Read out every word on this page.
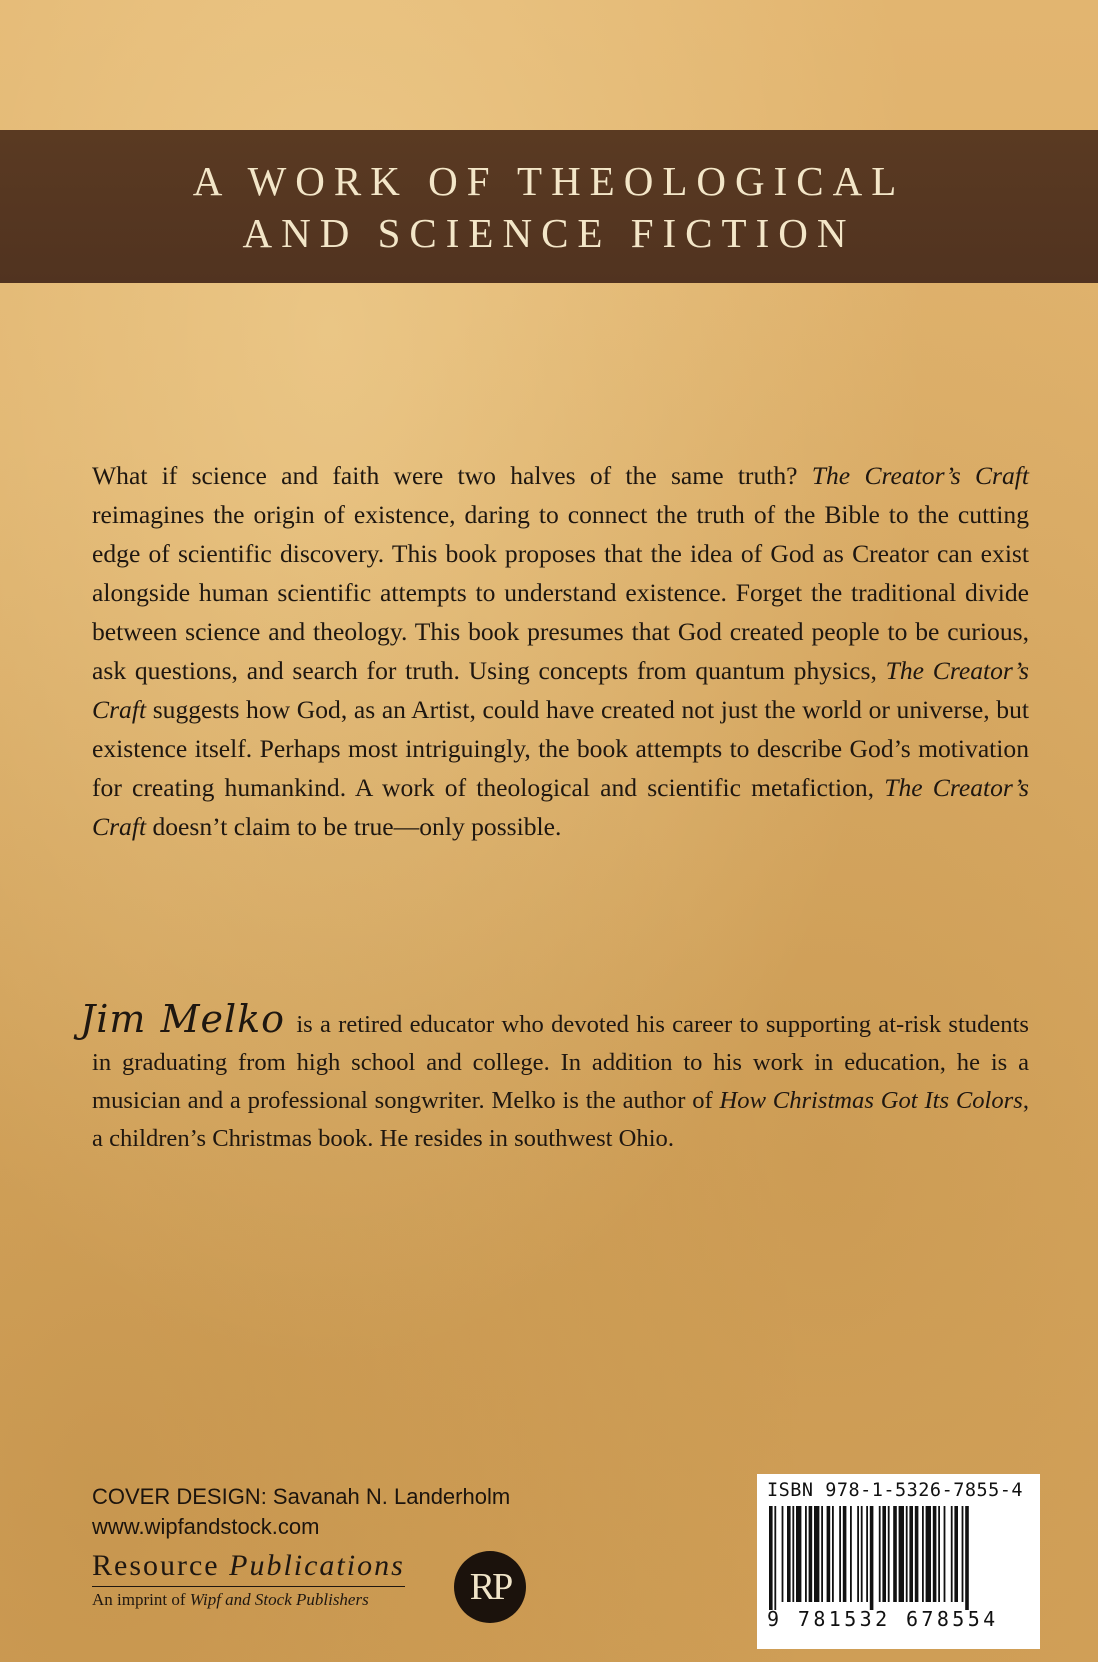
A WORK OF THEOLOGICAL
AND SCIENCE FICTION

What if science and faith were two halves of the same truth? The Creator’s Craft reimagines the origin of existence, daring to connect the truth of the Bible to the cutting edge of scientific discovery. This book proposes that the idea of God as Creator can exist alongside human scientific attempts to understand existence. Forget the traditional divide between science and theology. This book presumes that God created people to be curious, ask questions, and search for truth. Using concepts from quantum physics, The Creator’s Craft suggests how God, as an Artist, could have created not just the world or universe, but existence itself. Perhaps most intriguingly, the book attempts to describe God’s motivation for creating humankind. A work of theological and scientific metafiction, The Creator’s Craft doesn’t claim to be true—only possible.

Jim Melko is a retired educator who devoted his career to supporting at-risk students in graduating from high school and college. In addition to his work in education, he is a musician and a professional songwriter. Melko is the author of How Christmas Got Its Colors, a children’s Christmas book. He resides in southwest Ohio.

COVER DESIGN: Savanah N. Landerholm
www.wipfandstock.com
Resource Publications
An imprint of Wipf and Stock Publishers	RP
ISBN 978-1-5326-7855-4
9 781532 678554
